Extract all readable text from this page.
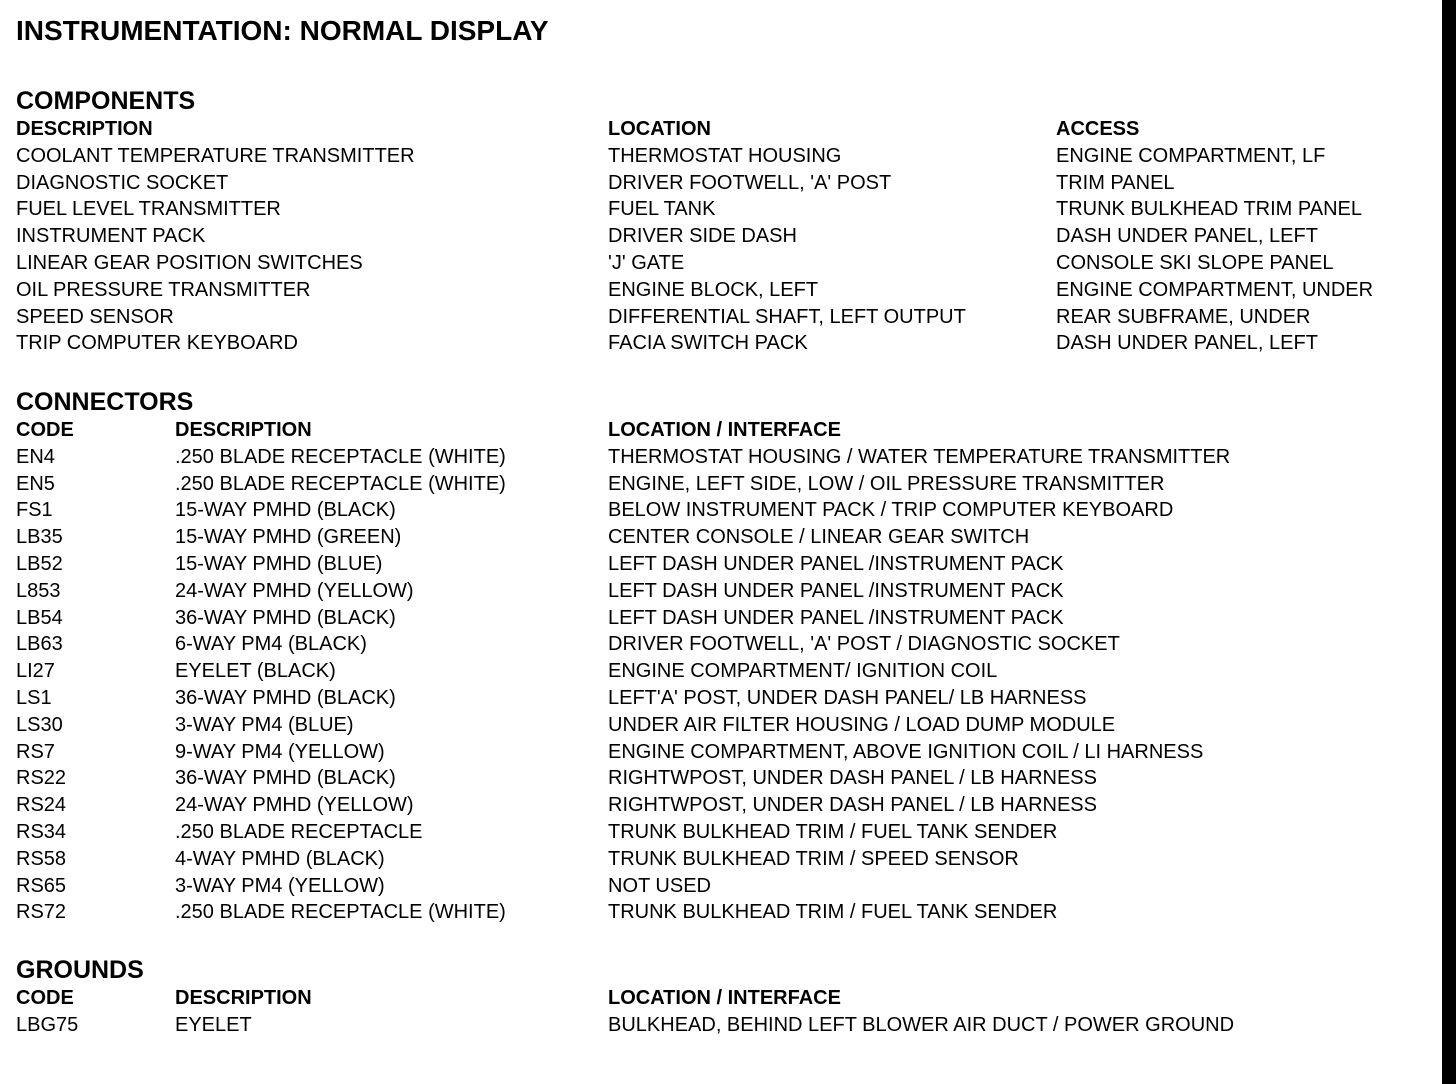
INSTRUMENTATION: NORMAL DISPLAY
COMPONENTS
DESCRIPTION	LOCATION	ACCESS
COOLANT TEMPERATURE TRANSMITTER	THERMOSTAT HOUSING	ENGINE COMPARTMENT, LF
DIAGNOSTIC SOCKET	DRIVER FOOTWELL, 'A' POST	TRIM PANEL
FUEL LEVEL TRANSMITTER	FUEL TANK	TRUNK BULKHEAD TRIM PANEL
INSTRUMENT PACK	DRIVER SIDE DASH	DASH UNDER PANEL, LEFT
LINEAR GEAR POSITION SWITCHES	'J' GATE	CONSOLE SKI SLOPE PANEL
OIL PRESSURE TRANSMITTER	ENGINE BLOCK, LEFT	ENGINE COMPARTMENT, UNDER
SPEED SENSOR	DIFFERENTIAL SHAFT, LEFT OUTPUT	REAR SUBFRAME, UNDER
TRIP COMPUTER KEYBOARD	FACIA SWITCH PACK	DASH UNDER PANEL, LEFT
CONNECTORS
CODE	DESCRIPTION	LOCATION / INTERFACE
EN4	.250 BLADE RECEPTACLE (WHITE)	THERMOSTAT HOUSING / WATER TEMPERATURE TRANSMITTER
EN5	.250 BLADE RECEPTACLE (WHITE)	ENGINE, LEFT SIDE, LOW / OIL PRESSURE TRANSMITTER
FS1	15-WAY PMHD (BLACK)	BELOW INSTRUMENT PACK / TRIP COMPUTER KEYBOARD
LB35	15-WAY PMHD (GREEN)	CENTER CONSOLE / LINEAR GEAR SWITCH
LB52	15-WAY PMHD (BLUE)	LEFT DASH UNDER PANEL /INSTRUMENT PACK
L853	24-WAY PMHD (YELLOW)	LEFT DASH UNDER PANEL /INSTRUMENT PACK
LB54	36-WAY PMHD (BLACK)	LEFT DASH UNDER PANEL /INSTRUMENT PACK
LB63	6-WAY PM4 (BLACK)	DRIVER FOOTWELL, 'A' POST / DIAGNOSTIC SOCKET
LI27	EYELET (BLACK)	ENGINE COMPARTMENT/ IGNITION COIL
LS1	36-WAY PMHD (BLACK)	LEFT'A' POST, UNDER DASH PANEL/ LB HARNESS
LS30	3-WAY PM4 (BLUE)	UNDER AIR FILTER HOUSING / LOAD DUMP MODULE
RS7	9-WAY PM4 (YELLOW)	ENGINE COMPARTMENT, ABOVE IGNITION COIL / LI HARNESS
RS22	36-WAY PMHD (BLACK)	RIGHTWPOST, UNDER DASH PANEL / LB HARNESS
RS24	24-WAY PMHD (YELLOW)	RIGHTWPOST, UNDER DASH PANEL / LB HARNESS
RS34	.250 BLADE RECEPTACLE	TRUNK BULKHEAD TRIM / FUEL TANK SENDER
RS58	4-WAY PMHD (BLACK)	TRUNK BULKHEAD TRIM / SPEED SENSOR
RS65	3-WAY PM4 (YELLOW)	NOT USED
RS72	.250 BLADE RECEPTACLE (WHITE)	TRUNK BULKHEAD TRIM / FUEL TANK SENDER
GROUNDS
CODE	DESCRIPTION	LOCATION / INTERFACE
LBG75	EYELET	BULKHEAD, BEHIND LEFT BLOWER AIR DUCT / POWER GROUND
